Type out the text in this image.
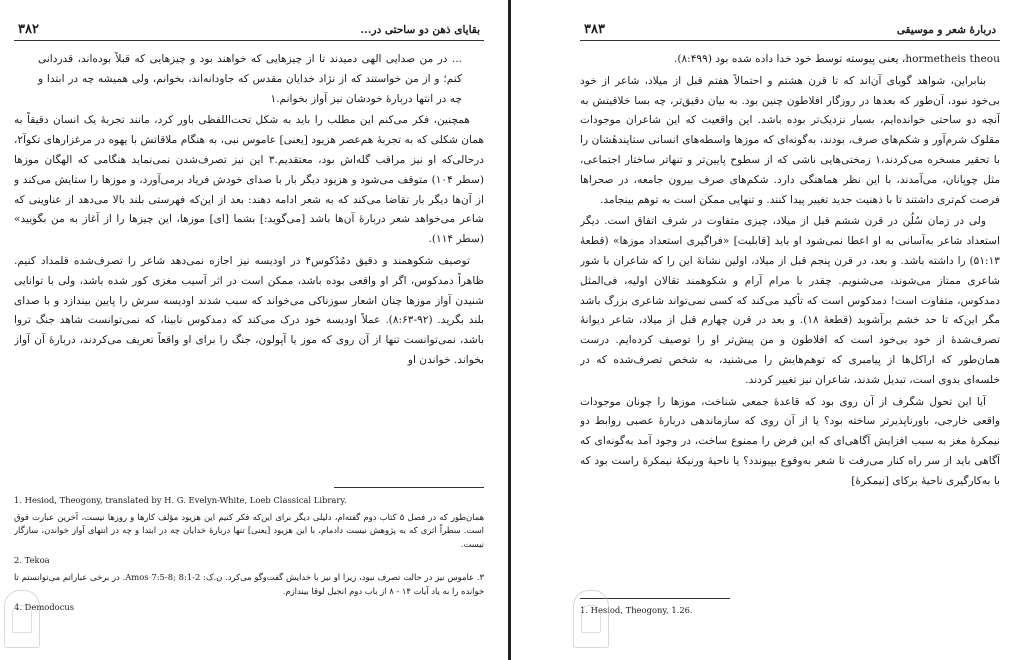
۳۸۲	بقایای ذهن دو ساحتی در...

... در من صدایی الهی دمیدند تا از چیزهایی که خواهند بود و چیزهایی که قبلاً بوده‌اند، قدردانی کنم؛ و از من خواستند که از نژاد خدایان مقدس که جاودانه‌اند، بخوانم، ولی همیشه چه در ابتدا و چه در انتها دربارهٔ خودشان نیز آواز بخوانم.۱

همچنین، فکر می‌کنم این مطلب را باید به شکل تحت‌اللفظی باور کرد، مانند تجربهٔ یک انسان دقیقاً به همان شکلی که به تجربهٔ هم‌عصر هزیود [یعنی] عاموس نبی، به هنگام ملاقاتش با یهوه در مرغزارهای تکوآ۲، درحالی‌که او نیز مراقب گله‌اش بود، معتقدیم.۳ این نیز تصرف‌شدن نمی‌نماید هنگامی که الهگان موزها (سطر ۱۰۴) متوقف می‌شود و هزیود دیگر بار با صدای خودش فریاد برمی‌آورد، و موزها را ستایش می‌کند و از آن‌ها دیگر بار تقاضا می‌کند که به شعر ادامه دهند: بعد از این‌که فهرستی بلند بالا می‌دهد از عناوینی که شاعر می‌خواهد شعر دربارهٔ آن‌ها باشد [می‌گوید:] بشما [ای] موزها، این چیزها را از آغاز به من بگویید» (سطر ۱۱۴).

توصیف شکوهمند و دقیق دمُدُکوس۴ در اودیسه نیز اجازه نمی‌دهد شاعر را تصرف‌شده قلمداد کنیم. ظاهراً دمدکوس، اگر او واقعی بوده باشد، ممکن است در اثر آسیب مغزی کور شده باشد، ولی با توانایی شنیدن آواز موزها چنان اشعار سوزناکی می‌خواند که سبب شدند اودیسه سرش را پایین بیندازد و با صدای بلند بگرید. (۹۲-۸:۶۳). عملاً اودیسه خود درک می‌کند که دمدکوس نابینا، که نمی‌توانست شاهد جنگ تروا باشد، نمی‌توانست تنها از آن روی که موز یا آپولون، جنگ را برای او واقعاً تعریف می‌کردند، دربارهٔ آن آواز بخواند. خواندن او

1. Hesiod, Theogony, translated by H. G. Evelyn-White, Loeb Classical Library.

همان‌طور که در فصل ۵ کتاب دوم گفته‌ام، دلیلی دیگر برای این‌که فکر کنیم این هزیود مؤلف کارها و روزها نیست، آخرین عبارت فوق است. سطراً اثری که به پژوهش نیست دادمام، با این هزیود [یعنی] تنها دربارهٔ خدایان چه در ابتدا و چه در انتهای آواز خواندن، سازگار نیست.

2. Tekoa

۳. عاموس نیز در حالت تصرف نبود، زیرا او نیز با خدایش گفت‌وگو می‌کرد. ن.ک: Amos 7:5-8; 8:1-2. در برخی عباراتم می‌توانستم تا خوانده را به یاد آیات ۱۴ - ۸ از باب دوم انجیل لوقا بیندازم.

4. Demodocus

۳۸۳	دربارهٔ شعر و موسیقی

hormetheis theou، یعنی پیوسته توسط خود خدا داده شده بود (۸:۴۹۹).

بنابراین، شواهد گویای آن‌اند که تا قرن هشتم و احتمالاً هفتم قبل از میلاد، شاعر از خود بی‌خود نبود، آن‌طور که بعدها در روزگار افلاطون چنین بود. به بیان دقیق‌تر، چه بسا خلاقیتش به آنچه دو ساحتی خوانده‌ایم، بسیار نزدیک‌تر بوده باشد. این واقعیت که این شاعران موجودات مقلوک شرم‌آور و شکم‌های صرف، بودند، به‌گونه‌ای که موزها واسطه‌های انسانی ستایندهٔشان را با تحقیر مسخره می‌کردند،۱ زمختی‌هایی ناشی که از سطوح پایین‌تر و تنهاتر ساختار اجتماعی، مثل چوپانان، می‌آمدند، با این نظر هماهنگی دارد. شکم‌های صرف بیرون جامعه، در صحراها فرصت کم‌تری داشتند تا با ذهنیت جدید تغییر پیدا کنند. و تنهایی ممکن است به توهم بینجامد.

ولی در زمان سُلُن در قرن ششم قبل از میلاد، چیزی متفاوت در شرف اتفاق است. دیگر استعداد شاعر به‌آسانی به او اعطا نمی‌شود او باید [قابلیت] «فراگیری استعداد موزها» (قطعهٔ ۵۱:۱۳) را داشته باشد. و بعد، در قرن پنجم قبل از میلاد، اولین نشانهٔ این را که شاعران با شور شاعری ممتاز می‌شوند، می‌شنویم. چقدر با مرام آرام و شکوهمند تقالان اولیه، فی‌المثل دمدکوس، متفاوت است! دمدکوس است که تأکید می‌کند که کسی نمی‌تواند شاعری بزرگ باشد مگر این‌که تا حد خشم برآشوبد (قطعهٔ ۱۸). و بعد در قرن چهارم قبل از میلاد، شاعر دیوانهٔ تصرف‌شدهٔ از خود بی‌خود است که افلاطون و من پیش‌تر او را توصیف کرده‌ایم. درست همان‌طور که اراکل‌ها از پیامبری که توهم‌هایش را می‌شنید، به شخص تصرف‌شده که در خلسه‌ای بدوی است، تبدیل شدند، شاعران نیز تغییر کردند.

آیا این تحول شگرف از آن روی بود که قاعدهٔ جمعی شناخت، موزها را چونان موجودات واقعی خارجی، باورناپذیرتر ساخته بود؟ یا از آن روی که سازماندهی دربارهٔ عصبی روابط دو نیمکرهٔ مغز به سبب افزایش آگاهی‌ای که این فرض را ممنوع ساخت، در وجود آمد به‌گونه‌ای که آگاهی باید از سر راه کنار می‌رفت تا شعر به‌وقوع بپیوندد؟ یا ناحیهٔ ورنیکهٔ نیمکرهٔ راست بود که با به‌کارگیری ناحیهٔ برکای [نیمکرهٔ]

1. Hesiod, Theogony, 1.26.
